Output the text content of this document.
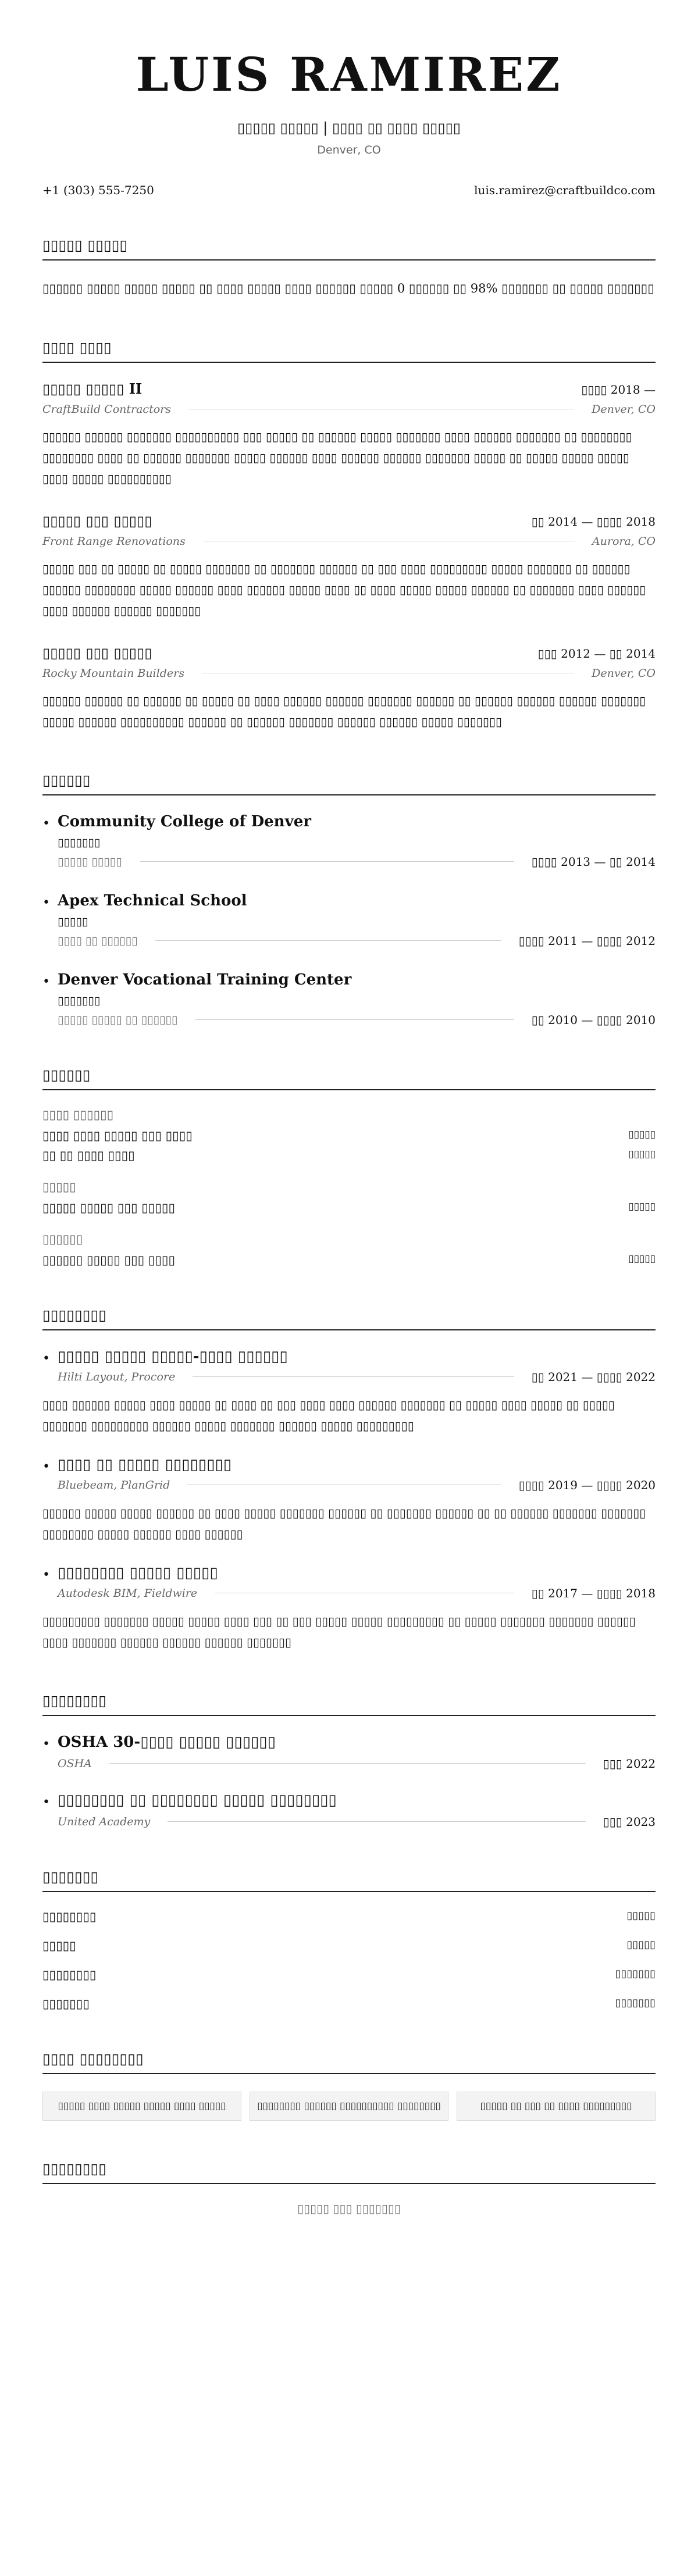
LUIS RAMIREZ
▯▯▯▯▯ ▯▯▯▯▯ | ▯▯▯▯ ▯▯ ▯▯▯▯ ▯▯▯▯▯
Denver, CO
+1 (303) 555-7250	luis.ramirez@craftbuildco.com
▯▯▯▯▯ ▯▯▯▯▯

▯▯▯▯▯▯ ▯▯▯▯▯ ▯▯▯▯▯ ▯▯▯▯▯ ▯▯ ▯▯▯▯ ▯▯▯▯▯ ▯▯▯▯ ▯▯▯▯▯▯ ▯▯▯▯▯ 0 ▯▯▯▯▯▯ ▯▯ 98% ▯▯▯▯▯▯▯ ▯▯ ▯▯▯▯▯ ▯▯▯▯▯▯▯

▯▯▯▯ ▯▯▯▯
▯▯▯▯▯ ▯▯▯▯▯ II	▯▯▯▯ 2018 —
CraftBuild Contractors	Denver, CO
▯▯▯▯▯▯ ▯▯▯▯▯▯ ▯▯▯▯▯▯▯ ▯▯▯▯▯▯▯▯▯▯ ▯▯▯ ▯▯▯▯▯ ▯▯ ▯▯▯▯▯▯ ▯▯▯▯▯ ▯▯▯▯▯▯▯ ▯▯▯▯ ▯▯▯▯▯▯ ▯▯▯▯▯▯▯ ▯▯ ▯▯▯▯▯▯▯▯ ▯▯▯▯▯▯▯▯ ▯▯▯▯ ▯▯ ▯▯▯▯▯▯ ▯▯▯▯▯▯▯ ▯▯▯▯▯ ▯▯▯▯▯▯ ▯▯▯▯ ▯▯▯▯▯▯ ▯▯▯▯▯▯ ▯▯▯▯▯▯▯ ▯▯▯▯▯ ▯▯ ▯▯▯▯▯ ▯▯▯▯▯ ▯▯▯▯▯ ▯▯▯▯ ▯▯▯▯▯ ▯▯▯▯▯▯▯▯▯▯
▯▯▯▯▯ ▯▯▯ ▯▯▯▯▯	▯▯ 2014 — ▯▯▯▯ 2018
Front Range Renovations	Aurora, CO
▯▯▯▯▯ ▯▯▯ ▯▯ ▯▯▯▯▯ ▯▯ ▯▯▯▯▯ ▯▯▯▯▯▯▯ ▯▯ ▯▯▯▯▯▯▯ ▯▯▯▯▯▯ ▯▯ ▯▯▯ ▯▯▯▯ ▯▯▯▯▯▯▯▯▯ ▯▯▯▯▯ ▯▯▯▯▯▯▯ ▯▯ ▯▯▯▯▯▯ ▯▯▯▯▯▯ ▯▯▯▯▯▯▯▯ ▯▯▯▯▯ ▯▯▯▯▯▯ ▯▯▯▯ ▯▯▯▯▯▯ ▯▯▯▯▯ ▯▯▯▯ ▯▯ ▯▯▯▯ ▯▯▯▯▯ ▯▯▯▯▯ ▯▯▯▯▯▯ ▯▯ ▯▯▯▯▯▯▯ ▯▯▯▯ ▯▯▯▯▯▯ ▯▯▯▯ ▯▯▯▯▯▯ ▯▯▯▯▯▯ ▯▯▯▯▯▯▯
▯▯▯▯▯ ▯▯▯ ▯▯▯▯▯	▯▯▯ 2012 — ▯▯ 2014
Rocky Mountain Builders	Denver, CO
▯▯▯▯▯▯ ▯▯▯▯▯▯ ▯▯ ▯▯▯▯▯▯ ▯▯ ▯▯▯▯▯ ▯▯ ▯▯▯▯ ▯▯▯▯▯▯ ▯▯▯▯▯▯ ▯▯▯▯▯▯▯ ▯▯▯▯▯▯ ▯▯ ▯▯▯▯▯▯ ▯▯▯▯▯▯ ▯▯▯▯▯▯ ▯▯▯▯▯▯▯ ▯▯▯▯▯ ▯▯▯▯▯▯ ▯▯▯▯▯▯▯▯▯▯ ▯▯▯▯▯▯ ▯▯ ▯▯▯▯▯▯ ▯▯▯▯▯▯▯ ▯▯▯▯▯▯ ▯▯▯▯▯▯ ▯▯▯▯▯ ▯▯▯▯▯▯▯
▯▯▯▯▯▯
• Community College of Denver
▯▯▯▯▯▯▯
▯▯▯▯▯ ▯▯▯▯▯	▯▯▯▯ 2013 — ▯▯ 2014
• Apex Technical School
▯▯▯▯▯
▯▯▯▯ ▯▯ ▯▯▯▯▯▯	▯▯▯▯ 2011 — ▯▯▯▯ 2012
• Denver Vocational Training Center
▯▯▯▯▯▯▯
▯▯▯▯▯ ▯▯▯▯▯ ▯▯ ▯▯▯▯▯▯	▯▯ 2010 — ▯▯▯▯ 2010
▯▯▯▯▯▯
▯▯▯▯ ▯▯▯▯▯▯
▯▯▯▯ ▯▯▯▯ ▯▯▯▯▯ ▯▯▯ ▯▯▯▯	▯▯▯▯▯
▯▯ ▯▯ ▯▯▯▯ ▯▯▯▯	▯▯▯▯▯
▯▯▯▯▯
▯▯▯▯▯ ▯▯▯▯▯ ▯▯▯ ▯▯▯▯▯	▯▯▯▯▯
▯▯▯▯▯▯
▯▯▯▯▯▯ ▯▯▯▯▯ ▯▯▯ ▯▯▯▯	▯▯▯▯▯
▯▯▯▯▯▯▯▯
• ▯▯▯▯▯ ▯▯▯▯▯ ▯▯▯▯▯-▯▯▯▯ ▯▯▯▯▯▯
Hilti Layout, Procore	▯▯ 2021 — ▯▯▯▯ 2022
▯▯▯▯ ▯▯▯▯▯▯ ▯▯▯▯▯ ▯▯▯▯ ▯▯▯▯▯ ▯▯ ▯▯▯▯ ▯▯ ▯▯▯ ▯▯▯▯ ▯▯▯▯ ▯▯▯▯▯▯ ▯▯▯▯▯▯▯ ▯▯ ▯▯▯▯▯ ▯▯▯▯ ▯▯▯▯▯ ▯▯ ▯▯▯▯▯ ▯▯▯▯▯▯▯ ▯▯▯▯▯▯▯▯▯ ▯▯▯▯▯▯ ▯▯▯▯▯ ▯▯▯▯▯▯▯ ▯▯▯▯▯▯ ▯▯▯▯▯ ▯▯▯▯▯▯▯▯▯
• ▯▯▯▯ ▯▯ ▯▯▯▯▯ ▯▯▯▯▯▯▯▯
Bluebeam, PlanGrid	▯▯▯▯ 2019 — ▯▯▯▯ 2020
▯▯▯▯▯▯ ▯▯▯▯▯ ▯▯▯▯▯ ▯▯▯▯▯▯ ▯▯ ▯▯▯▯ ▯▯▯▯▯ ▯▯▯▯▯▯▯ ▯▯▯▯▯▯ ▯▯ ▯▯▯▯▯▯▯ ▯▯▯▯▯▯ ▯▯ ▯▯ ▯▯▯▯▯▯ ▯▯▯▯▯▯▯ ▯▯▯▯▯▯▯ ▯▯▯▯▯▯▯▯ ▯▯▯▯▯ ▯▯▯▯▯▯ ▯▯▯▯ ▯▯▯▯▯▯
• ▯▯▯▯▯▯▯▯ ▯▯▯▯▯ ▯▯▯▯▯
Autodesk BIM, Fieldwire	▯▯ 2017 — ▯▯▯▯ 2018
▯▯▯▯▯▯▯▯▯ ▯▯▯▯▯▯▯ ▯▯▯▯▯ ▯▯▯▯▯ ▯▯▯▯ ▯▯▯ ▯▯ ▯▯▯ ▯▯▯▯▯ ▯▯▯▯▯ ▯▯▯▯▯▯▯▯▯ ▯▯ ▯▯▯▯▯ ▯▯▯▯▯▯▯ ▯▯▯▯▯▯▯ ▯▯▯▯▯▯ ▯▯▯▯ ▯▯▯▯▯▯▯ ▯▯▯▯▯▯ ▯▯▯▯▯▯ ▯▯▯▯▯▯ ▯▯▯▯▯▯▯
▯▯▯▯▯▯▯▯
• OSHA 30-▯▯▯▯ ▯▯▯▯▯ ▯▯▯▯▯▯
OSHA	▯▯▯ 2022
• ▯▯▯▯▯▯▯▯ ▯▯ ▯▯▯▯▯▯▯▯ ▯▯▯▯▯ ▯▯▯▯▯▯▯▯
United Academy	▯▯▯ 2023
▯▯▯▯▯▯▯
▯▯▯▯▯▯▯▯	▯▯▯▯▯
▯▯▯▯▯	▯▯▯▯▯
▯▯▯▯▯▯▯▯	▯▯▯▯▯▯▯
▯▯▯▯▯▯▯	▯▯▯▯▯▯▯
▯▯▯▯ ▯▯▯▯▯▯▯▯
▯▯▯▯▯ ▯▯▯▯ ▯▯▯▯▯ ▯▯▯▯▯ ▯▯▯▯ ▯▯▯▯▯	▯▯▯▯▯▯▯▯ ▯▯▯▯▯▯ ▯▯▯▯▯▯▯▯▯▯ ▯▯▯▯▯▯▯▯	▯▯▯▯▯ ▯▯ ▯▯▯ ▯▯ ▯▯▯▯ ▯▯▯▯▯▯▯▯▯
▯▯▯▯▯▯▯▯
▯▯▯▯▯ ▯▯▯ ▯▯▯▯▯▯▯
